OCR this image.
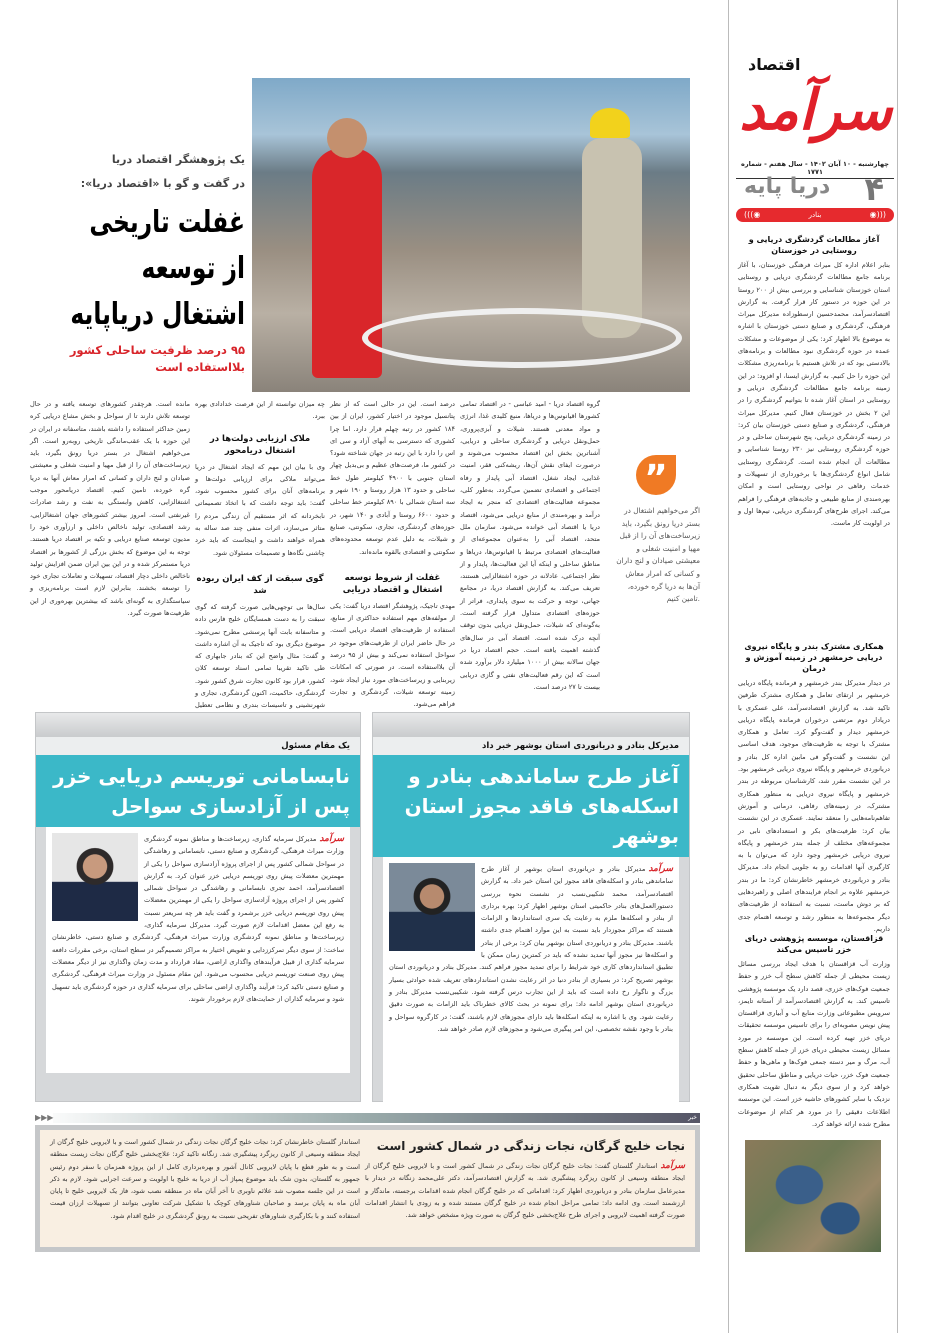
اقتصاد
سرآمد
چهارشنبه - ۱۰ آبان ۱۴۰۲ - سال هفتم - شماره ۱۷۷۱	۴
دریا پایه
◉)))
بنادر
(((◉
آغاز مطالعات گردشگری دریایی و روستایی در خوزستان
بنابر اعلام اداره کل میراث فرهنگی خوزستان، با آغاز برنامه جامع مطالعات گردشگری دریایی و روستایی استان خوزستان شناسایی و بررسی بیش از ۲۰۰ روستا در این حوزه در دستور کار قرار گرفت. به گزارش اقتصادسرآمد، محمدحسین ارسطوزاده مدیرکل میراث فرهنگی، گردشگری و صنایع دستی خوزستان با اشاره به موضوع بالا اظهار کرد: یکی از موضوعات و مشکلات عمده در حوزه گردشگری نبود مطالعات و برنامه‌های بالادستی بود که در تلاش هستیم با برنامه‌ریزی مشکلات این حوزه را حل کنیم. به گزارش ایسنا، او افزود: در این زمینه برنامه جامع مطالعات گردشگری دریایی و روستایی در استان آغاز شده تا بتوانیم گردشگری را در این ۲ بخش در خوزستان فعال کنیم. مدیرکل میراث فرهنگی، گردشگری و صنایع دستی خوزستان بیان کرد: در زمینه گردشگری دریایی، پنج شهرستان ساحلی و در حوزه گردشگری روستایی نیز ۲۳۰ روستا شناسایی و مطالعات آن انجام شده است. گردشگری روستایی شامل انواع گردشگری‌ها با برخورداری از تسهیلات و خدمات رفاهی در نواحی روستایی است و امکان بهره‌مندی از منابع طبیعی و جاذبه‌های فرهنگی را فراهم می‌کند. اجرای طرح‌های گردشگری دریایی، تیم‌ها اول و در اولویت کار ماست.
همکاری مشترک بندر و پایگاه نیروی دریایی خرمشهر در زمینه آموزش و درمان
در دیدار مدیرکل بندر خرمشهر و فرمانده پایگاه دریایی خرمشهر بر ارتقای تعامل و همکاری مشترک طرفین تاکید شد. به گزارش اقتصادسرآمد، علی عسکری با دریادار دوم مرتضی درخوران فرمانده پایگاه دریایی خرمشهر دیدار و گفت‌وگو کرد. تعامل و همکاری مشترک با توجه به ظرفیت‌های موجود، هدف اساسی این نشست و گفت‌وگو فی مابین اداره کل بنادر و دریانوردی خرمشهر و پایگاه نیروی دریایی خرمشهر بود. در این نشست مقرر شد، کارشناسان مربوطه در بندر خرمشهر و پایگاه نیروی دریایی به منظور همکاری مشترک، در زمینه‌های رفاهی، درمانی و آموزش تفاهم‌نامه‌هایی را منعقد نمایند. عسکری در این نشست بیان کرد: ظرفیت‌های بکر و استعدادهای نابی در مجموعه‌های مختلف از جمله بندر خرمشهر و پایگاه نیروی دریایی خرمشهر وجود دارد که می‌توان با به کارگیری آنها اقدامات رو به جلویی انجام داد. مدیرکل بنادر و دریانوردی خرمشهر خاطرنشان کرد: ما در بندر خرمشهر علاوه بر انجام فرایندهای اصلی و راهبردهایی که بر دوش ماست، نسبت به استفاده از ظرفیت‌های دیگر مجموعه‌ها به منظور رشد و توسعه اهتمام جدی داریم.
قزاقستان، موسسه پژوهشی دریای خزر تاسیس می‌کند
وزارت آب قزاقستان با هدف ایجاد بررسی مسائل زیست محیطی از جمله کاهش سطح آب خزر و حفظ جمعیت فوک‌های خزری، قصد دارد یک موسسه پژوهشی تاسیس کند. به گزارش اقتصادسرآمد از آستانه تایمز، سرویس مطبوعاتی وزارت منابع آب و آبیاری قزاقستان پیش نویس مصوبه‌ای را برای تاسیس موسسه تحقیقات دریای خزر تهیه کرده است. این موسسه در مورد مسائل زیست محیطی دریای خزر از جمله کاهش سطح آب، مرگ و میر دسته جمعی فوک‌ها و ماهی‌ها و حفظ جمعیت فوک خزر، حیات دریایی و مناطق ساحلی تحقیق خواهد کرد و از سوی دیگر به دنبال تقویت همکاری نزدیک با سایر کشورهای حاشیه خزر است. این موسسه اطلاعات دقیقی را در مورد هر کدام از موضوعات مطرح شده ارائه خواهد کرد.
یک پژوهشگر اقتصاد دریا
در گفت و گو با «اقتصاد دریا»:
غفلت تاریخی
از توسعه
اشتغال دریاپایه
۹۵ درصد ظرفیت ساحلی کشور
بلااستفاده است

گروه اقتصاد دریا - امید عباسی - در اقتصاد تمامی کشورها اقیانوس‌ها و دریاها، منبع کلیدی غذا، انرژی و مواد معدنی هستند. شیلات و آبزی‌پروری، حمل‌ونقل دریایی و گردشگری ساحلی و دریایی، آشناترین بخش این اقتصاد محسوب می‌شوند و درصورت ایفای نقش آن‌ها، ریشه‌کنی فقر، امنیت غذایی، ایجاد شغل، اقتصاد آبی پایدار و رفاه اجتماعی و اقتصادی تضمین می‌گردد. به‌طور کلی، مجموعه فعالیت‌های اقتصادی که منجر به ایجاد درآمد و بهره‌مندی از منابع دریایی می‌شود، اقتصاد دریا یا اقتصاد آبی خوانده می‌شود. سازمان ملل متحد، اقتصاد آبی را به‌عنوان مجموعه‌ای از فعالیت‌های اقتصادی مرتبط با اقیانوس‌ها، دریاها و مناطق ساحلی و اینکه آیا این فعالیت‌ها، پایدار و از نظر اجتماعی، عادلانه در حوزه اشتغالزایی هستند، تعریف می‌کند. به گزارش اقتصاد دریا، در مجامع جهانی، توجه و حرکت به سوی پایداری، فراتر از حوزه‌های اقتصادی متداول قرار گرفته است. به‌گونه‌ای که شیلات، حمل‌ونقل دریایی بدون توقف آنچه درک شده است. اقتصاد آبی در سال‌های گذشته اهمیت یافته است. حجم اقتصاد دریا در جهان سالانه بیش از ۱۰۰۰ میلیارد دلار برآورد شده است که این رقم فعالیت‌های نفتی و گازی دریایی بیست تا ۲۷ درصد است.

درصد است. این در حالی است که از نظر پتانسیل موجود در اختیار کشور، ایران از بین ۱۸۴ کشور در رتبه چهلم قرار دارد. اما چرا کشوری که دسترسی به آبهای آزاد و سی ای اس را دارد با این رتبه در جهان شناخته شود؟ در کشور ما، فرصت‌های عظیم و بی‌بدیل چهار استان جنوبی با ۴۹۰۰ کیلومتر طول خط ساحلی و حدود ۱۳ هزار روستا و ۱۹۰ شهر و سه استان شمالی با ۸۹۰ کیلومتر خط ساحلی و حدود ۶۶۰۰ روستا و آبادی و ۱۴۰ شهر، در حوزه‌های گردشگری، تجاری، سکونتی، صنایع و شیلات، به دلیل عدم توسعه محدوده‌های سکونتی و اقتصادی بالقوه مانده‌اند.

غفلت از شروط توسعه اشتغال و اقتصاد دریایی

مهدی تاجیک، پژوهشگر اقتصاد دریا گفت: یکی از مولفه‌های مهم استفاده حداکثری از منابع، استفاده از ظرفیت‌های اقتصاد دریایی است. در حال حاضر ایران از ظرفیت‌های موجود در سواحل استفاده نمی‌کند و بیش از ۹۵ درصد آن بلااستفاده است. در صورتی که امکانات زیربنایی و زیرساخت‌های مورد نیاز ایجاد شود، زمینه توسعه شیلات، گردشگری و تجارت فراهم می‌شود.

چه میزان توانسته از این فرصت خدادادی بهره ببرد.

ملاک ارزیابی دولت‌ها در اشتغال دریامحور

وی با بیان این مهم که ایجاد اشتغال در دریا می‌تواند ملاکی برای ارزیابی دولت‌ها و برنامه‌های آنان برای کشور محسوب شود، گفت: باید توجه داشت که با اتخاذ تصمیماتی نابخردانه که اثر مستقیم آن زندگی مردم را متاثر می‌سازد، اثرات منفی چند صد ساله به همراه خواهند داشت و اینجاست که باید خرد چاشنی نگاه‌ها و تصمیمات مسئولان شود.

گوی سبقت از کف ایران ربوده شد

سال‌ها بی توجهی‌هایی صورت گرفته که گوی سبقت را به دست همسایگان خلیج فارس داده و متاسفانه بابت آنها پرسشی مطرح نمی‌شود. موضوع دیگری بود که تاجیک به آن اشاره داشت و گفت: مثال واضح این که بنادر جابهاری که طی تاکید تقریبا تمامی اسناد توسعه کلان کشور، قرار بود کانون تجارت شرق کشور شود. گردشگری، حاکمیت، اکنون گردشگری، تجاری و شهرنشینی و تاسیسات بندری و نظامی تعطیل

مانده است. هرچقدر کشورهای توسعه یافته و در حال توسعه تلاش دارند تا از سواحل و بخش مشاع دریایی کره زمین حداکثر استفاده را داشته باشند، متاسفانه در ایران در این حوزه با یک عقب‌ماندگی تاریخی روبه‌رو است. اگر می‌خواهیم اشتغال در بستر دریا رونق بگیرد، باید زیرساخت‌های آن را از قبل مهیا و امنیت شغلی و معیشتی صیادان و لنج داران و کسانی که امرار معاش آنها به دریا گره خورده، تامین کنیم. اقتصاد دریامحور موجب اشتغالزایی، کاهش وابستگی به نفت و رشد صادرات غیرنفتی است. امروز بیشتر کشورهای جهان اشتغالزایی، رشد اقتصادی، تولید ناخالص داخلی و ارزآوری خود را مدیون توسعه صنایع دریایی و تکیه بر اقتصاد دریا هستند. توجه به این موضوع که بخش بزرگی از کشورها بر اقتصاد دریا مستمرکز شده و در این بین ایران ضمن افزایش تولید ناخالص داخلی دچار اقتصاد، تسهیلات و تعاملات تجاری خود را توسعه بخشند. بنابراین لازم است برنامه‌ریزی و سیاستگذاری به گونه‌ای باشد که بیشترین بهره‌وری از این ظرفیت‌ها صورت گیرد.

”
اگر می‌خواهیم اشتغال در بستر دریا رونق بگیرد، باید زیرساخت‌های آن را از قبل مهیا و امنیت شغلی و معیشتی صیادان و لنج داران و کسانی که امرار معاش آن‌ها به دریا گره خورده، تامین کنیم.
مدیرکل بنادر و دریانوردی استان بوشهر خبر داد
آغاز طرح ساماندهی بنادر و
اسکله‌های فاقد مجوز استان بوشهر
سرآمدمدیرکل بنادر و دریانوردی استان بوشهر از آغاز طرح ساماندهی بنادر و اسکله‌های فاقد مجوز این استان خبر داد. به گزارش اقتصادسرآمد، محمد شکیبی‌نسب در نشست نحوه بررسی دستورالعمل‌های بنادر حاکمیتی استان بوشهر اظهار کرد: بهره برداری از بنادر و اسکله‌ها ملزم به رعایت یک سری استانداردها و الزامات هستند که مراکز مجوزدار باید نسبت به این موارد اهتمام جدی داشته باشند. مدیرکل بنادر و دریانوردی استان بوشهر بیان کرد: برخی از بنادر و اسکله‌ها نیز مجوز آنها تمدید نشده که باید در کمترین زمان ممکن با تطبیق استانداردهای کاری خود شرایط را برای تمدید مجوز فراهم کنند. مدیرکل بنادر و دریانوردی استان بوشهر تصریح کرد: در بسیاری از بنادر دنیا در اثر رعایت نشدن استانداردهای تعریف شده حوادثی بسیار بزرگ و ناگوار رخ داده است که باید از این تجارب درس گرفته شود. شکیبی‌نسب مدیرکل بنادر و دریانوردی استان بوشهر ادامه داد: برای نمونه در بحث کالای خطرناک باید الزامات به صورت دقیق رعایت شود. وی با اشاره به اینکه اسکله‌ها باید دارای مجوزهای لازم باشند، گفت: در کارگروه سواحل و بنادر با وجود نقشه تخصصی، این امر پیگیری می‌شود و مجوزهای لازم صادر خواهد شد.
یک مقام مسئول
نابسامانی توریسم دریایی خزر
پس از آزادسازی سواحل
سرآمدمدیرکل سرمایه گذاری، زیرساخت‌ها و مناطق نمونه گردشگری وزارت میراث فرهنگی، گردشگری و صنایع دستی، نابسامانی و رهاشدگی در سواحل شمالی کشور پس از اجرای پروژه آزادسازی سواحل را یکی از مهمترین معضلات پیش روی توریسم دریایی خزر عنوان کرد. به گزارش اقتصادسرآمد، احمد تجری نابسامانی و رهاشدگی در سواحل شمالی کشور پس از اجرای پروژه آزادسازی سواحل را یکی از مهمترین معضلات پیش روی توریسم دریایی خزر برشمرد و گفت باید هر چه سریعتر نسبت به رفع این معضل اقدامات لازم صورت گیرد. مدیرکل سرمایه گذاری، زیرساخت‌ها و مناطق نمونه گردشگری وزارت میراث فرهنگی، گردشگری و صنایع دستی، خاطرنشان ساخت: از سوی دیگر تمرکززدایی و تفویض اختیار به مراکز تصمیم‌گیر در سطح استان، برخی مقررات دافعه سرمایه گذاری از قبیل فرآیندهای واگذاری اراضی، مفاد قرارداد و مدت زمان واگذاری نیز از دیگر معضلات پیش روی صنعت توریسم دریایی محسوب می‌شود. این مقام مسئول در وزارت میراث فرهنگی، گردشگری و صنایع دستی تاکید کرد: فرآیند واگذاری اراضی ساحلی برای سرمایه گذاری در حوزه گردشگری باید تسهیل شود و سرمایه گذاران از حمایت‌های لازم برخوردار شوند.
▶▶▶	خبر
نجات خلیج گرگان، نجات زندگی در شمال کشور است
سرآمداستاندار گلستان گفت: نجات خلیج گرگان نجات زندگی در شمال کشور است و با لایروبی خلیج گرگان از ایجاد منطقه وسیعی از کانون ریزگرد پیشگیری شد. به گزارش اقتصادسرآمد، دکتر علی‌محمد زنگانه در دیدار با مدیرعامل سازمان بنادر و دریانوردی اظهار کرد: اقداماتی که در خلیج گرگان انجام شده اقدامات برجسته، ماندگار و ارزشمند است. وی ادامه داد: تمامی مراحل انجام شده در خلیج گرگان مستند شده و به زودی با انتشار اقدامات صورت گرفته اهمیت لایروبی و اجرای طرح علاج‌بخشی خلیج گرگان به صورت ویژه مشخص خواهد شد.
استاندار گلستان خاطرنشان کرد: نجات خلیج گرگان نجات زندگی در شمال کشور است و با لایروبی خلیج گرگان از ایجاد منطقه وسیعی از کانون ریزگرد پیشگیری شد. زنگانه تاکید کرد: علاج‌بخشی خلیج گرگان نجات زیست منطقه است و به طور قطع با پایان لایروبی کانال آشور و بهره‌برداری کامل از این پروژه همزمان با سفر دوم رئیس جمهور به گلستان، بدون شک باید موضوع پمپاژ آب از دریا به خلیج با اولویت و سرعت اجرایی شود. لازم به ذکر است در این جلسه مصوب شد علائم ناوبری تا آخر آبان ماه در منطقه نصب شود، فاز یک لایروبی خلیج تا پایان آبان ماه به پایان برسد و صاحبان شناورهای کوچک با تشکیل شرکت تعاونی بتوانند از تسهیلات ارزان قیمت استفاده کنند و با بکارگیری شناورهای تفریحی نسبت به رونق گردشگری در خلیج اقدام شود.
